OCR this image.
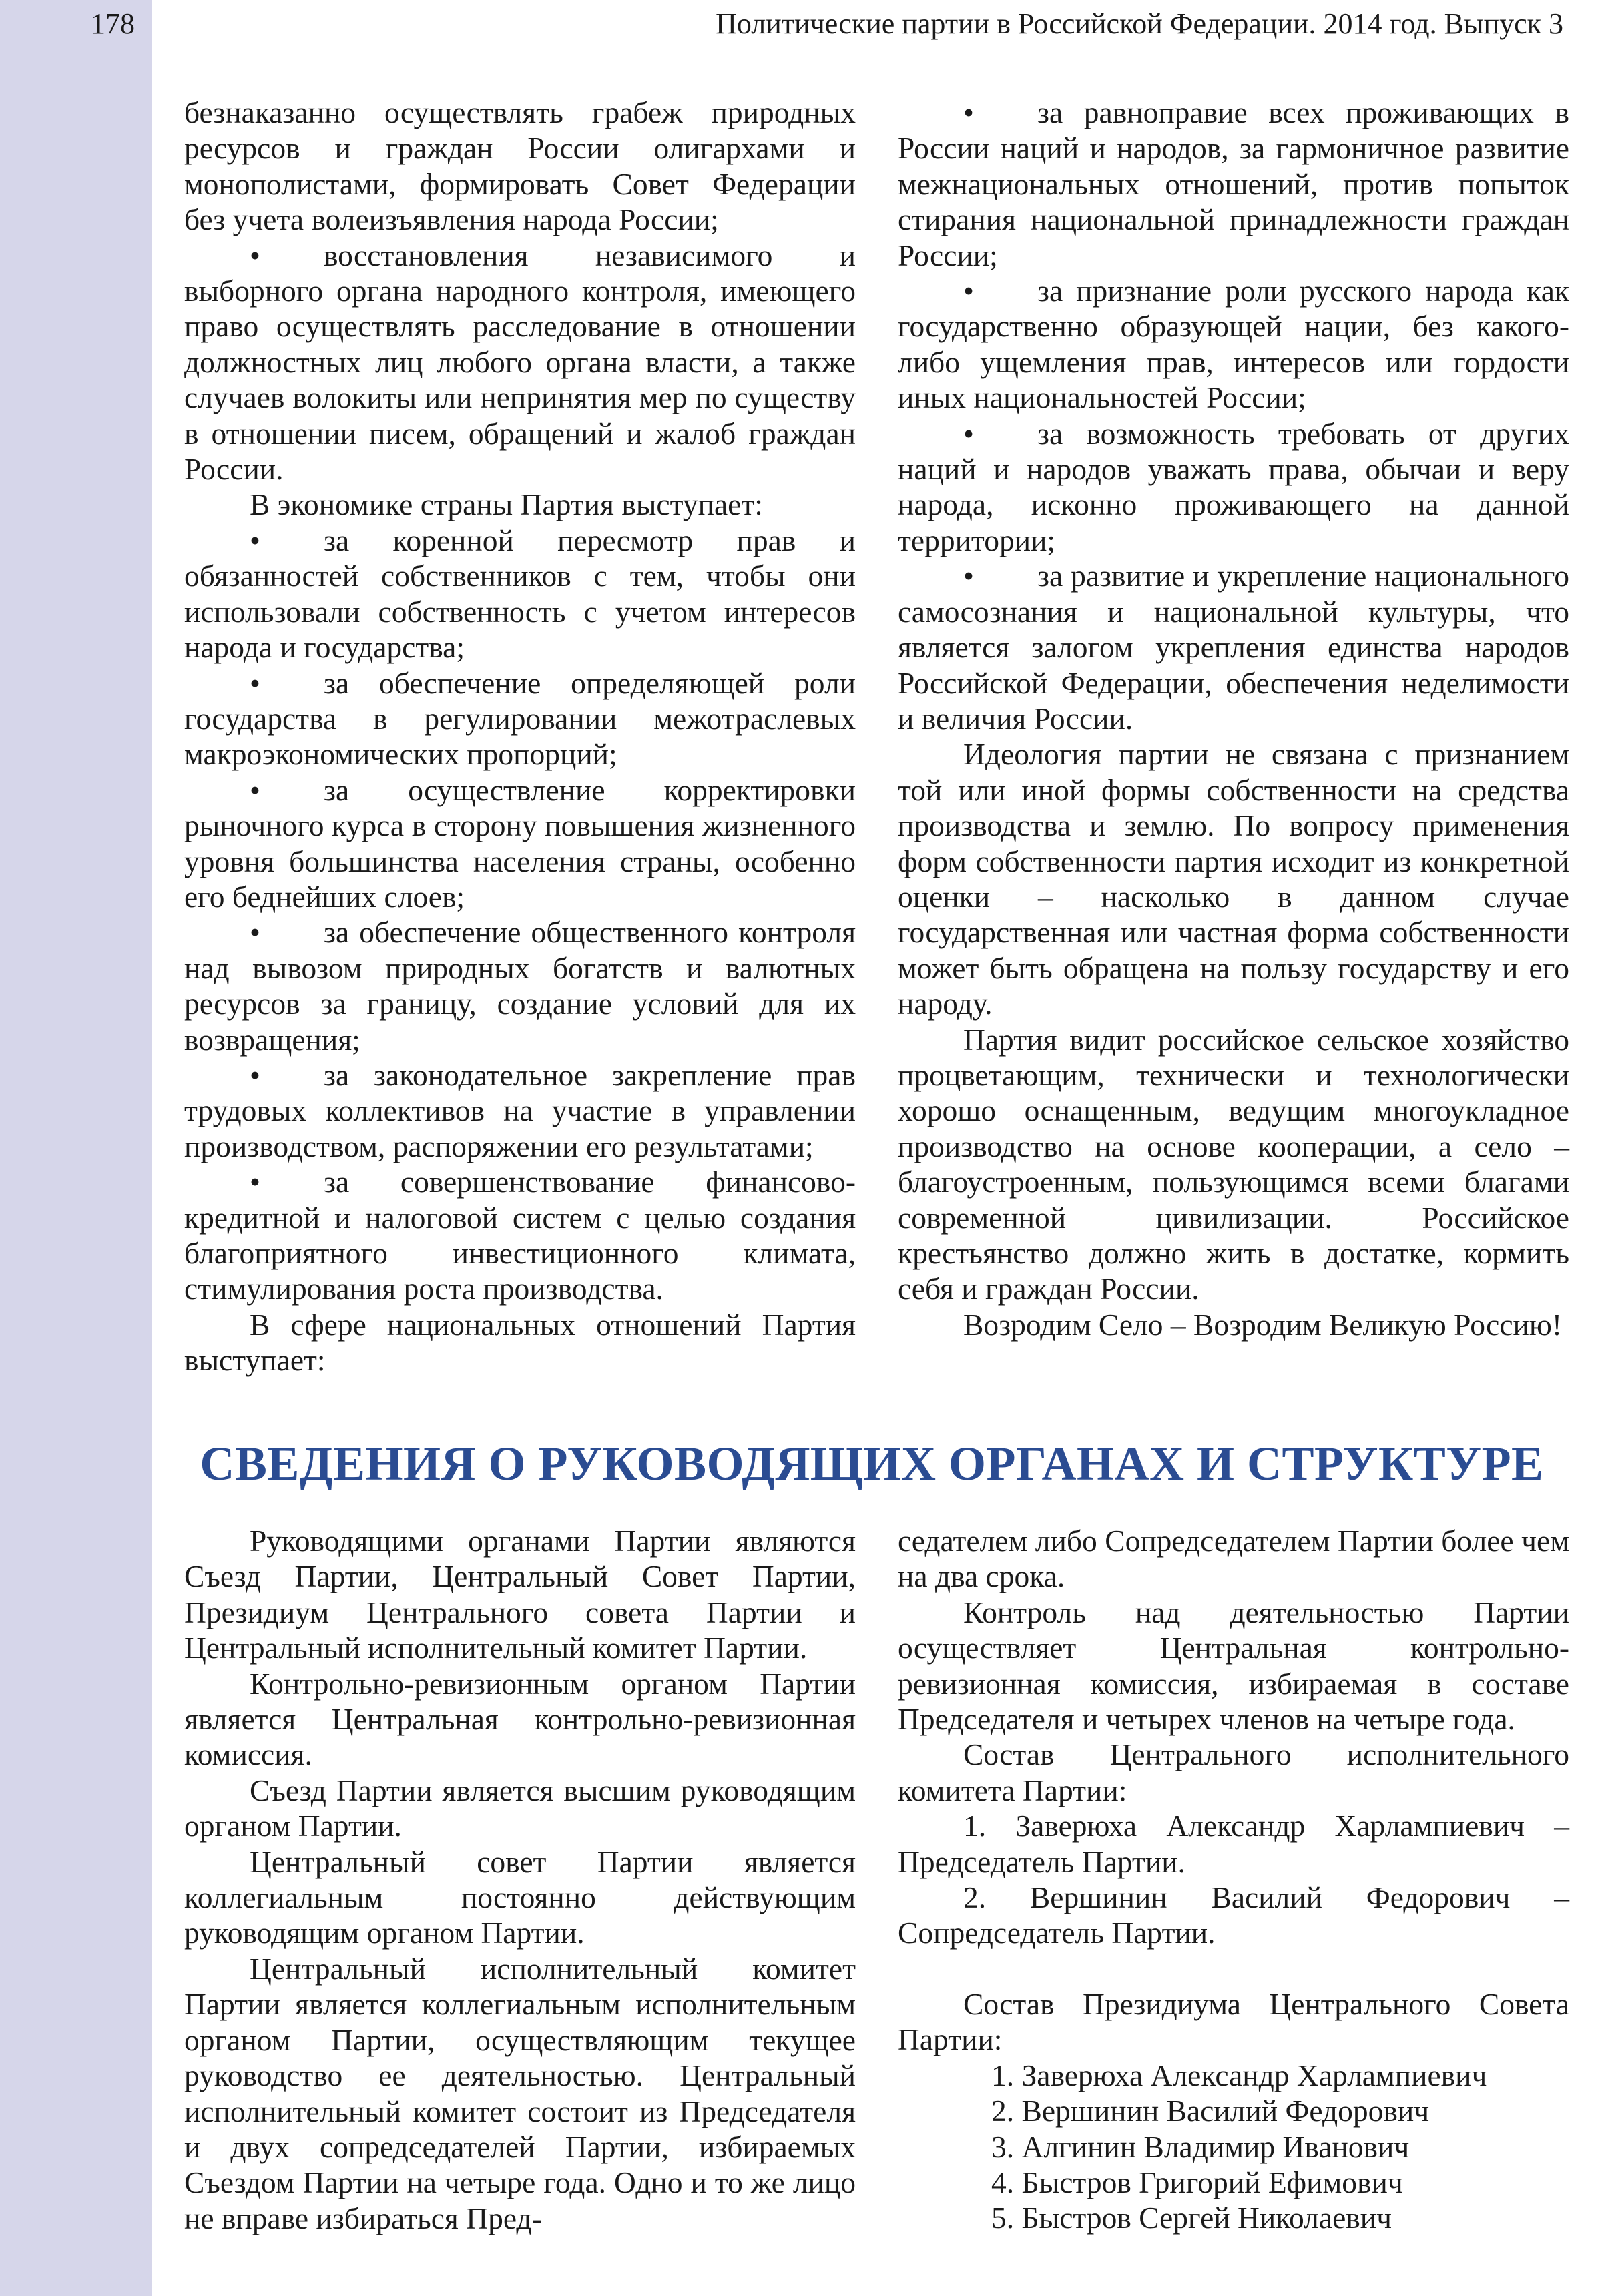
178	Политические партии в Российской Федерации. 2014 год. Выпуск 3

безнаказанно осуществлять грабеж природных ресурсов и граждан России олигархами и монополистами, формировать Совет Федерации без учета волеизъявления народа России;

• восстановления независимого и выборного органа народного контроля, имеющего право осуществлять расследование в отношении должностных лиц любого органа власти, а также случаев волокиты или непринятия мер по существу в отношении писем, обращений и жалоб граждан России.

В экономике страны Партия выступает:

• за коренной пересмотр прав и обязанностей собственников с тем, чтобы они использовали собственность с учетом интересов народа и государства;

• за обеспечение определяющей роли государства в регулировании межотраслевых макроэкономических пропорций;

• за осуществление корректировки рыночного курса в сторону повышения жизненного уровня большинства населения страны, особенно его беднейших слоев;

• за обеспечение общественного контроля над вывозом природных богатств и валютных ресурсов за границу, создание условий для их возвращения;

• за законодательное закрепление прав трудовых коллективов на участие в управлении производством, распоряжении его результатами;

• за совершенствование финансово-кредитной и налоговой систем с целью создания благоприятного инвестиционного климата, стимулирования роста производства.

В сфере национальных отношений Партия выступает:

• за равноправие всех проживающих в России наций и народов, за гармоничное развитие межнациональных отношений, против попыток стирания национальной принадлежности граждан России;

• за признание роли русского народа как государственно образующей нации, без какого-либо ущемления прав, интересов или гордости иных национальностей России;

• за возможность требовать от других наций и народов уважать права, обычаи и веру народа, исконно проживающего на данной территории;

• за развитие и укрепление национального самосознания и национальной культуры, что является залогом укрепления единства народов Российской Федерации, обеспечения неделимости и величия России.

Идеология партии не связана с признанием той или иной формы собственности на средства производства и землю. По вопросу применения форм собственности партия исходит из конкретной оценки – насколько в данном случае государственная или частная форма собственности может быть обращена на пользу государству и его народу.

Партия видит российское сельское хозяйство процветающим, технически и технологически хорошо оснащенным, ведущим многоукладное производство на основе кооперации, а село – благоустроенным, пользующимся всеми благами современной цивилизации. Российское крестьянство должно жить в достатке, кормить себя и граждан России.

Возродим Село – Возродим Великую Россию!

СВЕДЕНИЯ О РУКОВОДЯЩИХ ОРГАНАХ И СТРУКТУРЕ

Руководящими органами Партии являются Съезд Партии, Центральный Совет Партии, Президиум Центрального совета Партии и Центральный исполнительный комитет Партии.

Контрольно-ревизионным органом Партии является Центральная контрольно-ревизионная комиссия.

Съезд Партии является высшим руководящим органом Партии.

Центральный совет Партии является коллегиальным постоянно действующим руководящим органом Партии.

Центральный исполнительный комитет Партии является коллегиальным исполнительным органом Партии, осуществляющим текущее руководство ее деятельностью. Центральный исполнительный комитет состоит из Председателя и двух сопредседателей Партии, избираемых Съездом Партии на четыре года. Одно и то же лицо не вправе избираться Пред-

седателем либо Сопредседателем Партии более чем на два срока.

Контроль над деятельностью Партии осуществляет Центральная контрольно-ревизионная комиссия, избираемая в составе Председателя и четырех членов на четыре года.

Состав Центрального исполнительного комитета Партии:

1. Заверюха Александр Харлампиевич – Председатель Партии.

2. Вершинин Василий Федорович – Сопредседатель Партии.

Состав Президиума Центрального Совета Партии:

1. Заверюха Александр Харлампиевич

2. Вершинин Василий Федорович

3. Алгинин Владимир Иванович

4. Быстров Григорий Ефимович

5. Быстров Сергей Николаевич
